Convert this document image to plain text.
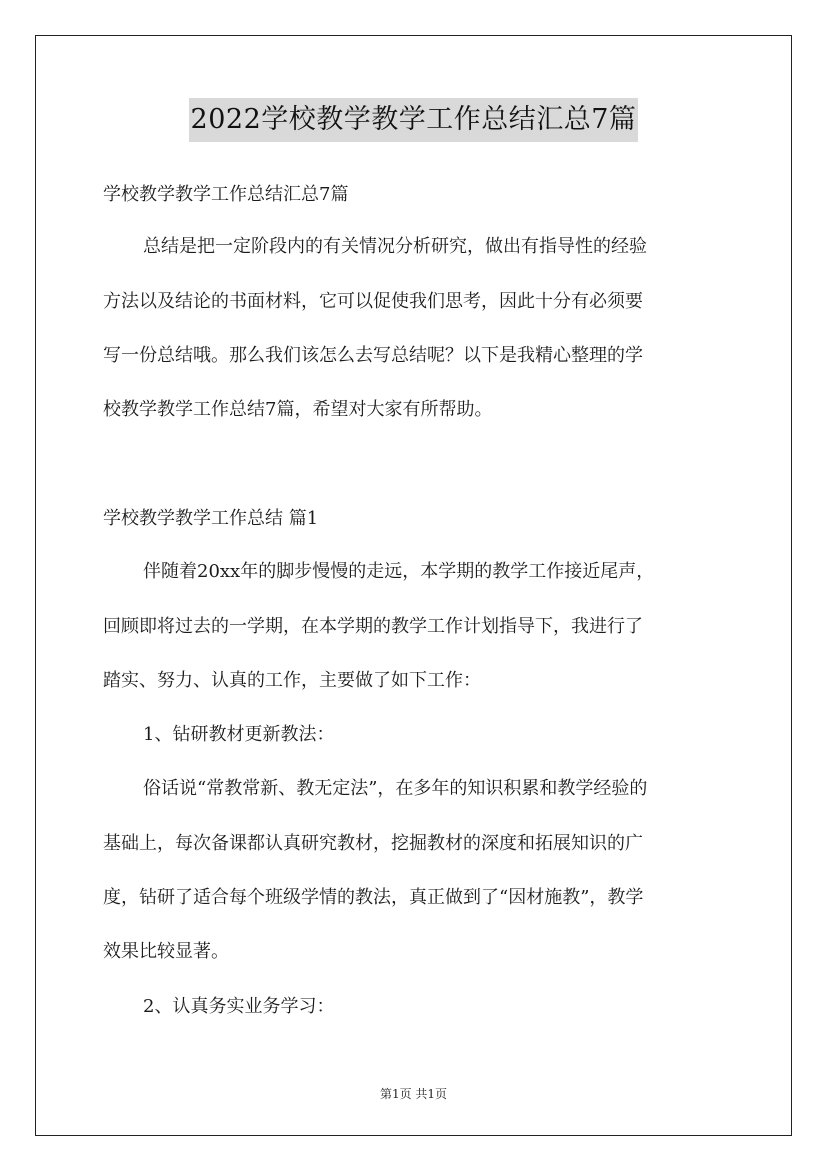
2022学校教学教学工作总结汇总7篇
学校教学教学工作总结汇总7篇
总结是把一定阶段内的有关情况分析研究，做出有指导性的经验
方法以及结论的书面材料，它可以促使我们思考，因此十分有必须要
写一份总结哦。那么我们该怎么去写总结呢？以下是我精心整理的学
校教学教学工作总结7篇，希望对大家有所帮助。
学校教学教学工作总结 篇1
伴随着20xx年的脚步慢慢的走远，本学期的教学工作接近尾声，
回顾即将过去的一学期，在本学期的教学工作计划指导下，我进行了
踏实、努力、认真的工作，主要做了如下工作：
1、钻研教材更新教法：
俗话说“常教常新、教无定法”，在多年的知识积累和教学经验的
基础上，每次备课都认真研究教材，挖掘教材的深度和拓展知识的广
度，钻研了适合每个班级学情的教法，真正做到了“因材施教”，教学
效果比较显著。
2、认真务实业务学习：
第1页 共1页
